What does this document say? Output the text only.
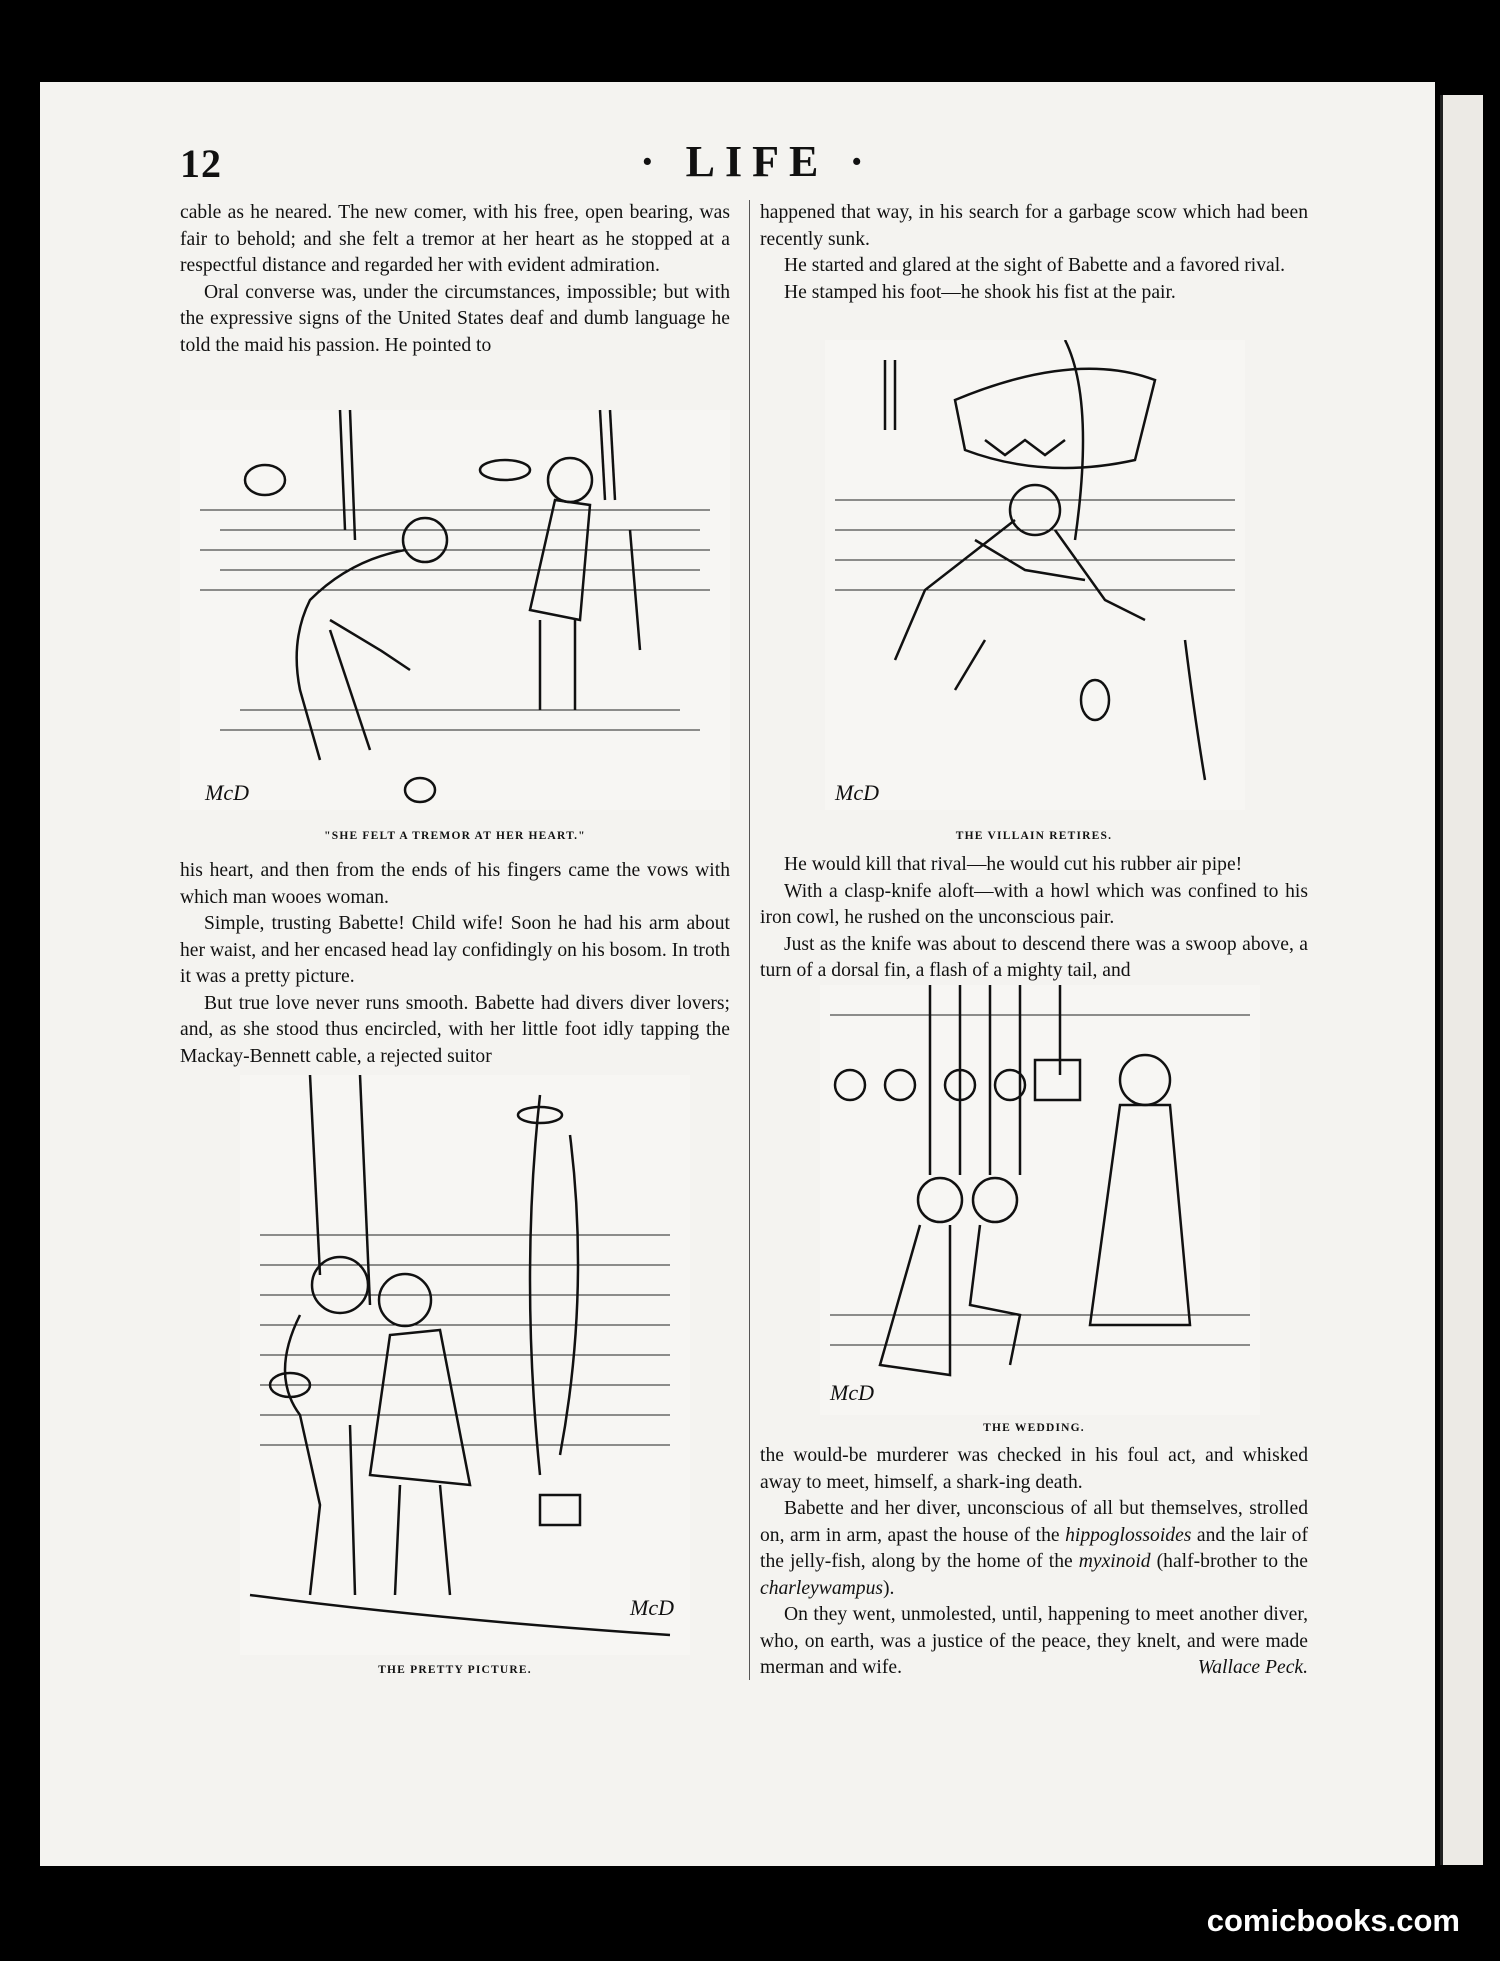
12	· LIFE ·

cable as he neared. The new comer, with his free, open bearing, was fair to behold; and she felt a tremor at her heart as he stopped at a respectful distance and regarded her with evident admiration.

Oral converse was, under the circumstances, impossible; but with the expressive signs of the United States deaf and dumb language he told the maid his passion. He pointed to

McD
"SHE FELT A TREMOR AT HER HEART."

his heart, and then from the ends of his fingers came the vows with which man wooes woman.

Simple, trusting Babette! Child wife! Soon he had his arm about her waist, and her encased head lay confidingly on his bosom. In troth it was a pretty picture.

But true love never runs smooth. Babette had divers diver lovers; and, as she stood thus encircled, with her little foot idly tapping the Mackay-Bennett cable, a rejected suitor

McD
THE PRETTY PICTURE.

happened that way, in his search for a garbage scow which had been recently sunk.

He started and glared at the sight of Babette and a favored rival.

He stamped his foot—he shook his fist at the pair.

McD
THE VILLAIN RETIRES.

He would kill that rival—he would cut his rubber air pipe!

With a clasp-knife aloft—with a howl which was confined to his iron cowl, he rushed on the unconscious pair.

Just as the knife was about to descend there was a swoop above, a turn of a dorsal fin, a flash of a mighty tail, and

McD
THE WEDDING.

the would-be murderer was checked in his foul act, and whisked away to meet, himself, a shark-ing death.

Babette and her diver, unconscious of all but themselves, strolled on, arm in arm, apast the house of the hippoglossoides and the lair of the jelly-fish, along by the home of the myxinoid (half-brother to the charleywampus).

On they went, unmolested, until, happening to meet another diver, who, on earth, was a justice of the peace, they knelt, and were made merman and wife.	Wallace Peck.

comicbooks.com
